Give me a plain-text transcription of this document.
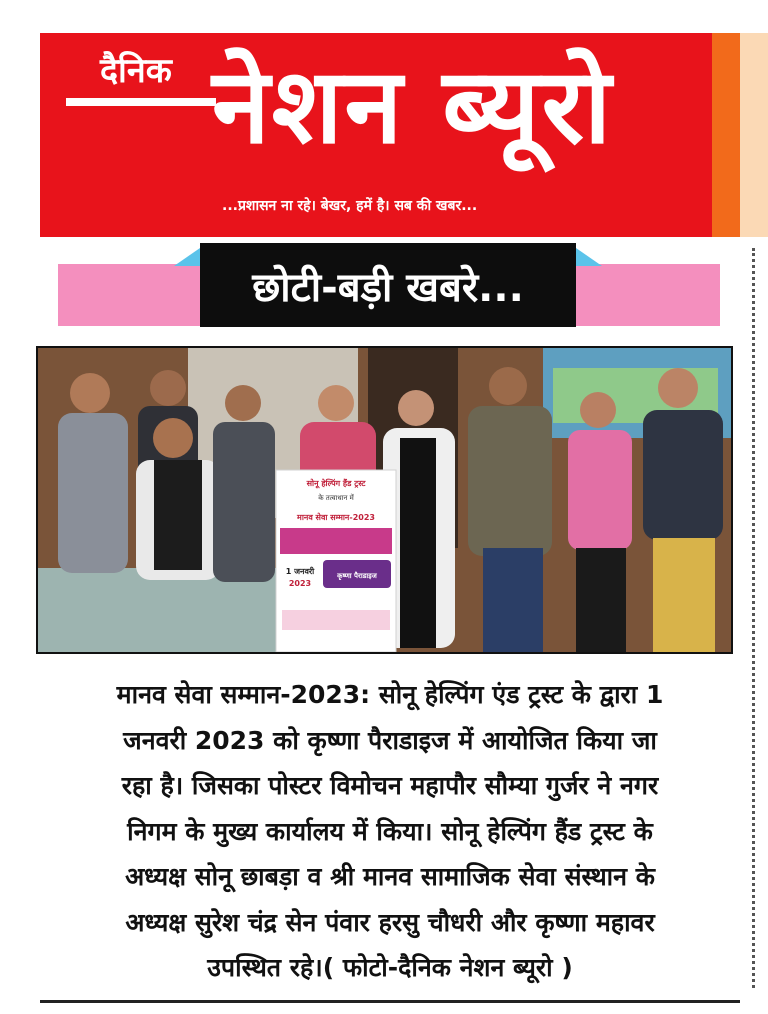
दैनिक नेशन ब्यूरो
...प्रशासन ना रहे। बेखर, हमें है। सब की खबर...
छोटी-बड़ी खबरे...
सोनू हेल्पिंग हैंड ट्रस्ट
के तत्वाधान में
मानव सेवा सम्मान-2023
1 जनवरी
2023
कृष्णा पैराडाइज
मानव सेवा सम्मान-2023: सोनू हेल्पिंग एंड ट्रस्ट के द्वारा 1
जनवरी 2023 को कृष्णा पैराडाइज में आयोजित किया जा
रहा है। जिसका पोस्टर विमोचन महापौर सौम्या गुर्जर ने नगर
निगम के मुख्य कार्यालय में किया। सोनू हेल्पिंग हैंड ट्रस्ट के
अध्यक्ष सोनू छाबड़ा व श्री मानव सामाजिक सेवा संस्थान के
अध्यक्ष सुरेश चंद्र सेन पंवार हरसु चौधरी और कृष्णा महावर
उपस्थित रहे।( फोटो-दैनिक नेशन ब्यूरो )
